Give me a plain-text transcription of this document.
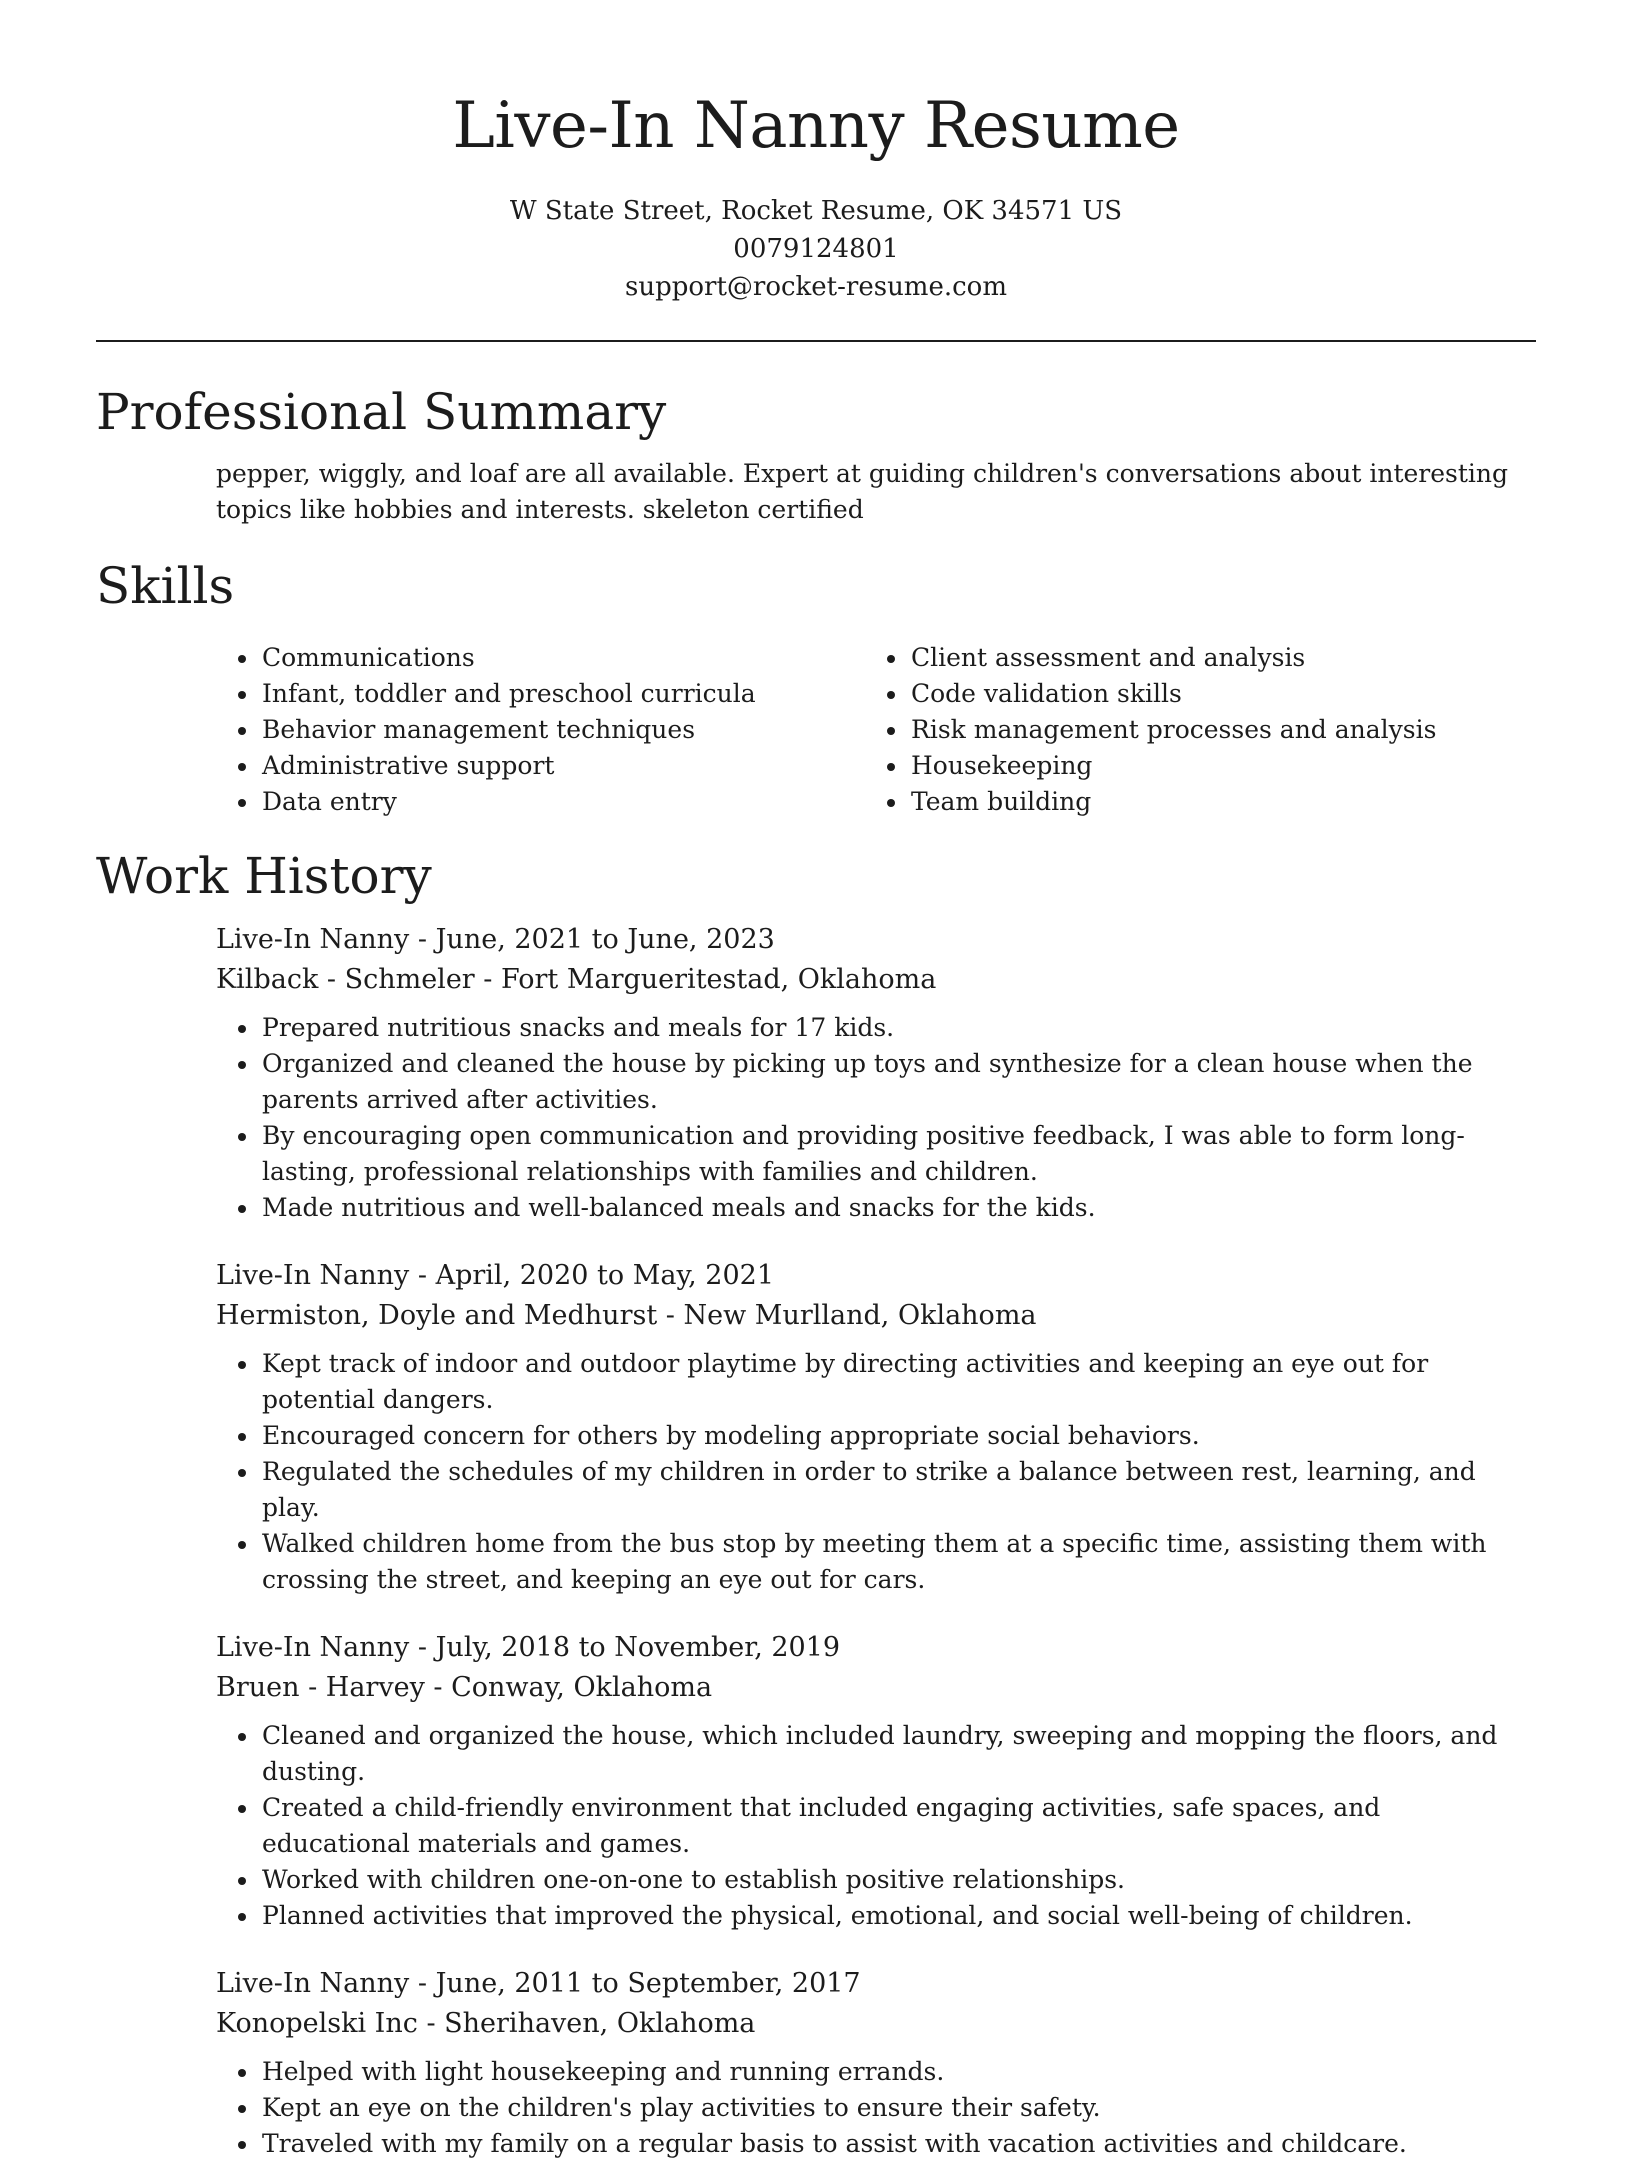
Live-In Nanny Resume
W State Street, Rocket Resume, OK 34571 US
0079124801
support@rocket-resume.com
Professional Summary

pepper, wiggly, and loaf are all available. Expert at guiding children's conversations about interesting topics like hobbies and interests. skeleton certified

Skills
• Communications
• Infant, toddler and preschool curricula
• Behavior management techniques
• Administrative support
• Data entry
• Client assessment and analysis
• Code validation skills
• Risk management processes and analysis
• Housekeeping
• Team building
Work History
Live-In Nanny - June, 2021 to June, 2023
Kilback - Schmeler - Fort Margueritestad, Oklahoma
• Prepared nutritious snacks and meals for 17 kids.
• Organized and cleaned the house by picking up toys and synthesize for a clean house when the parents arrived after activities.
• By encouraging open communication and providing positive feedback, I was able to form long-lasting, professional relationships with families and children.
• Made nutritious and well-balanced meals and snacks for the kids.
Live-In Nanny - April, 2020 to May, 2021
Hermiston, Doyle and Medhurst - New Murlland, Oklahoma
• Kept track of indoor and outdoor playtime by directing activities and keeping an eye out for potential dangers.
• Encouraged concern for others by modeling appropriate social behaviors.
• Regulated the schedules of my children in order to strike a balance between rest, learning, and play.
• Walked children home from the bus stop by meeting them at a specific time, assisting them with crossing the street, and keeping an eye out for cars.
Live-In Nanny - July, 2018 to November, 2019
Bruen - Harvey - Conway, Oklahoma
• Cleaned and organized the house, which included laundry, sweeping and mopping the floors, and dusting.
• Created a child-friendly environment that included engaging activities, safe spaces, and educational materials and games.
• Worked with children one-on-one to establish positive relationships.
• Planned activities that improved the physical, emotional, and social well-being of children.
Live-In Nanny - June, 2011 to September, 2017
Konopelski Inc - Sherihaven, Oklahoma
• Helped with light housekeeping and running errands.
• Kept an eye on the children's play activities to ensure their safety.
• Traveled with my family on a regular basis to assist with vacation activities and childcare.
